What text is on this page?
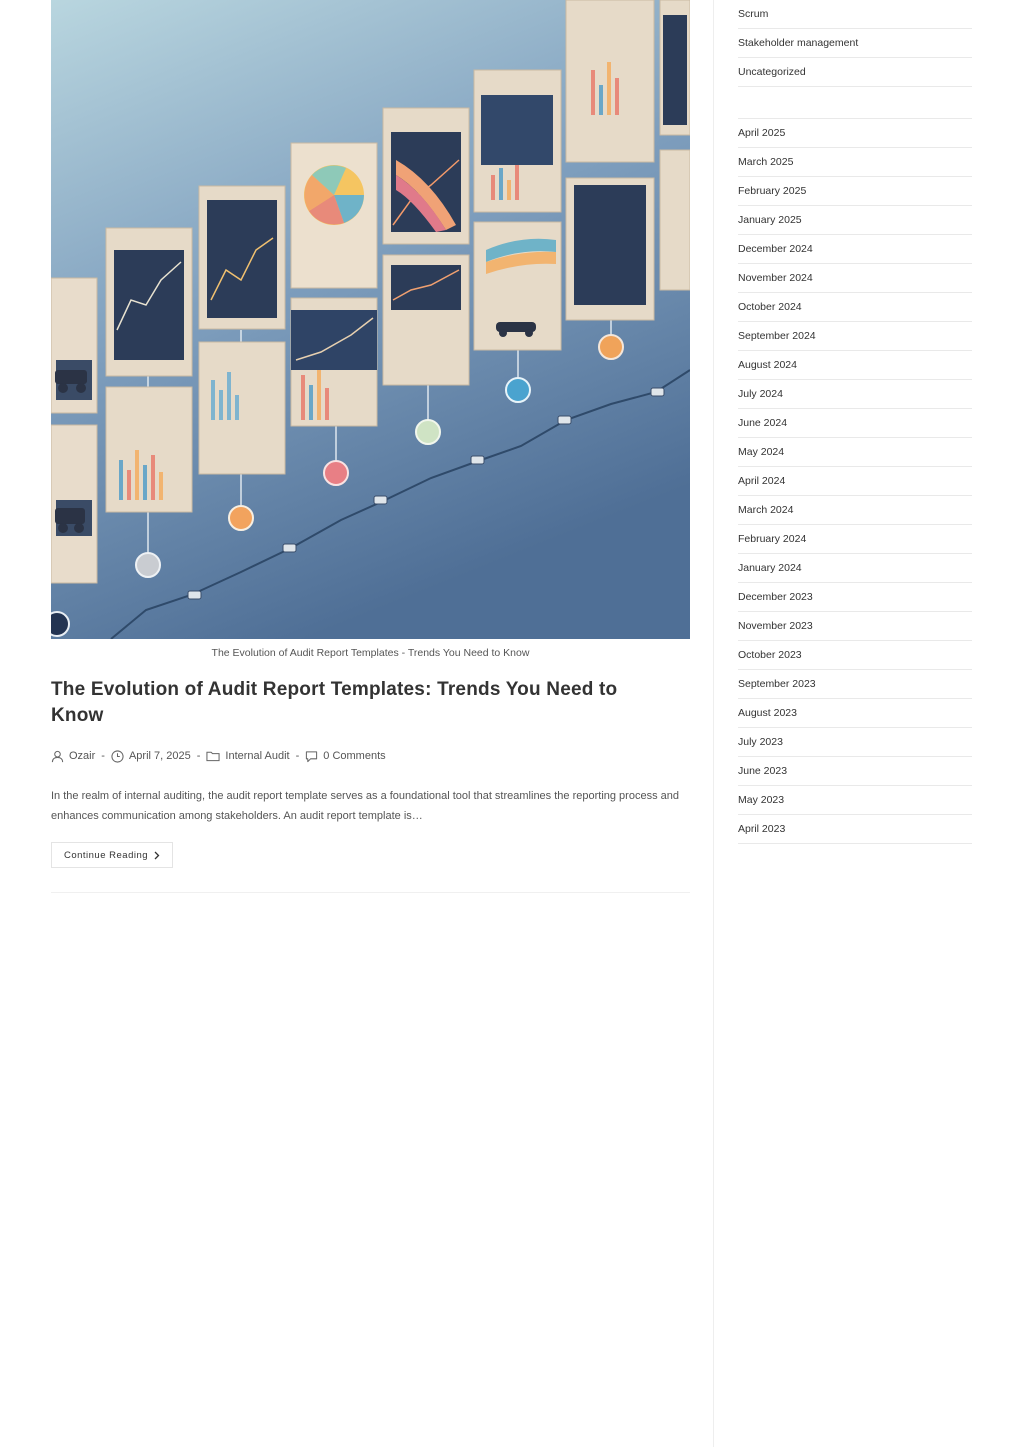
The Evolution of Audit Report Templates - Trends You Need to Know
The Evolution of Audit Report Templates: Trends You Need to Know
Ozair - April 7, 2025 - Internal Audit - 0 Comments

In the realm of internal auditing, the audit report template serves as a foundational tool that streamlines the reporting process and enhances communication among stakeholders. An audit report template is…

Continue Reading
Scrum
Stakeholder management
Uncategorized
April 2025
March 2025
February 2025
January 2025
December 2024
November 2024
October 2024
September 2024
August 2024
July 2024
June 2024
May 2024
April 2024
March 2024
February 2024
January 2024
December 2023
November 2023
October 2023
September 2023
August 2023
July 2023
June 2023
May 2023
April 2023
